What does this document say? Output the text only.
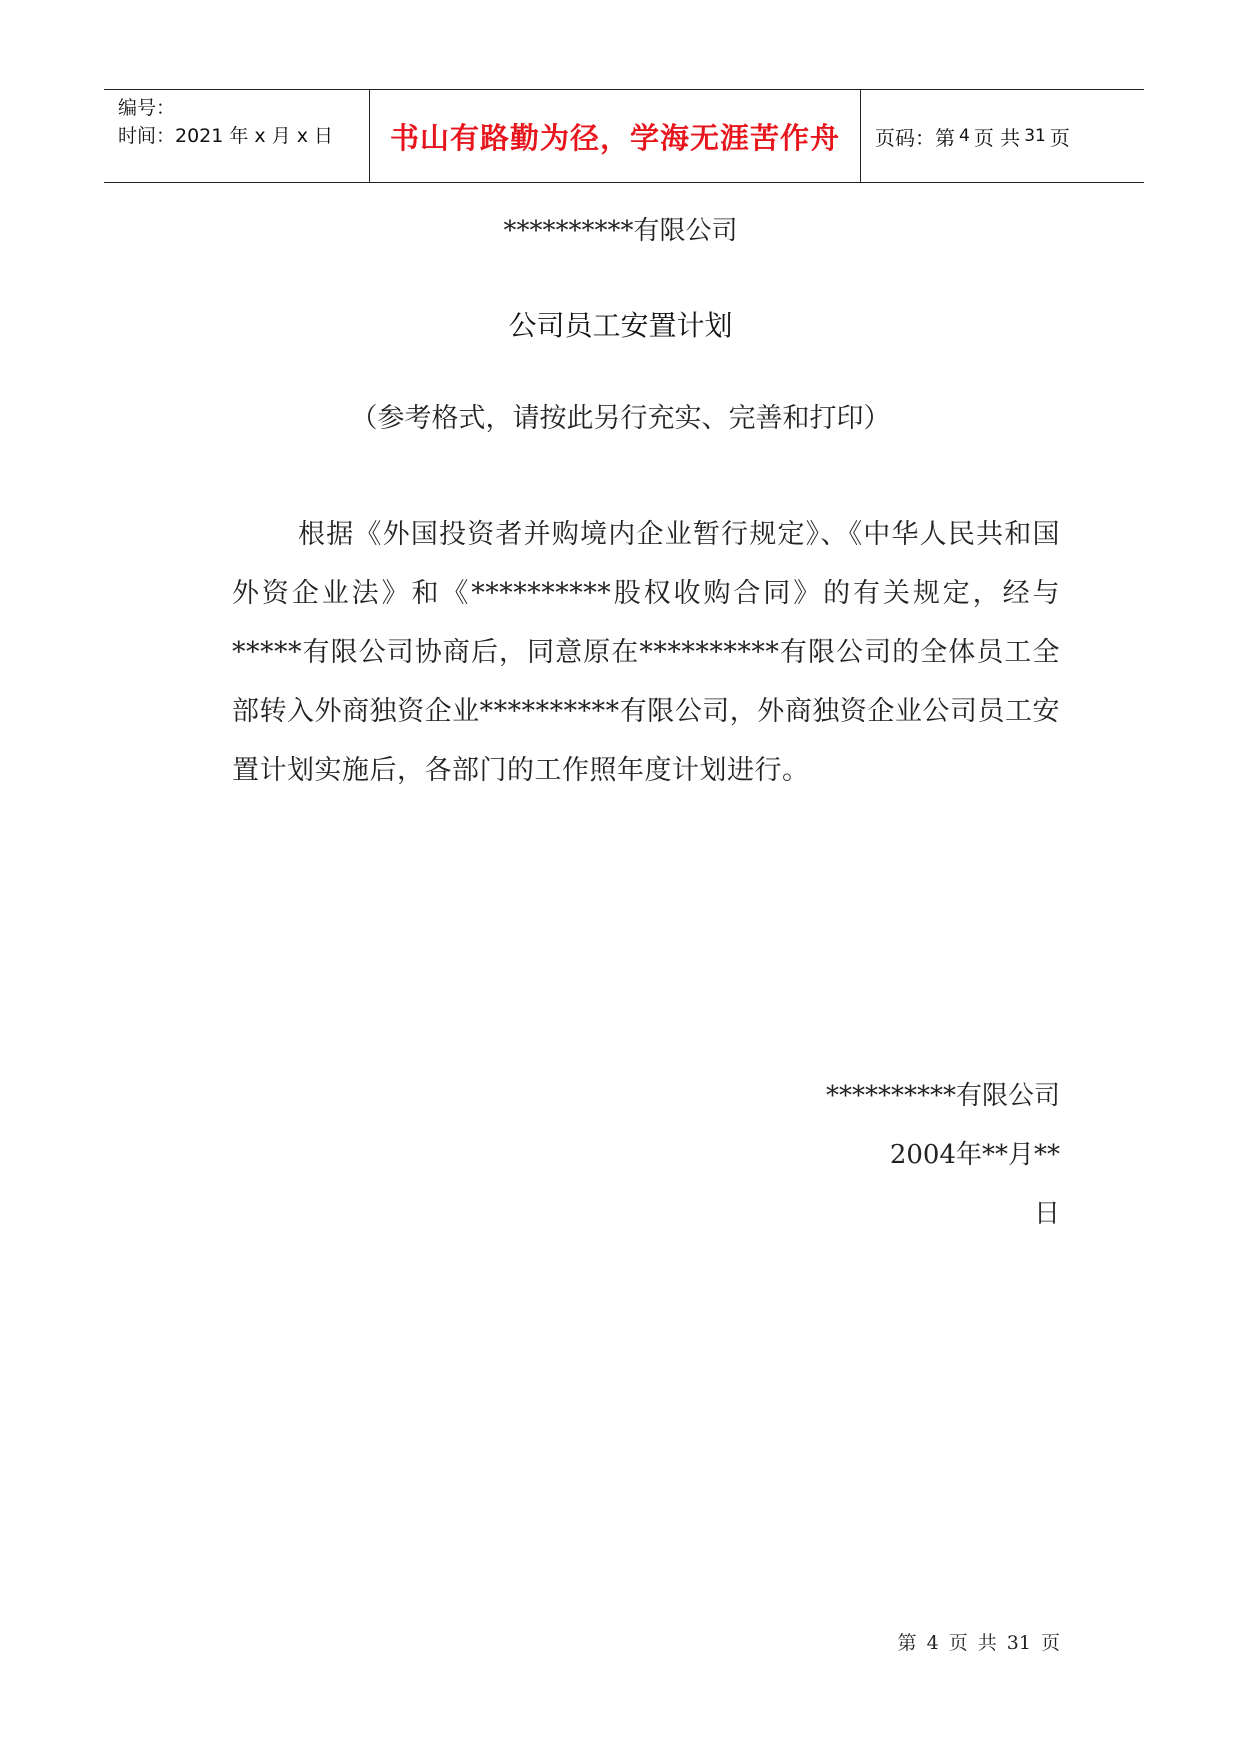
编号：
时间：2021 年 x 月 x 日	书山有路勤为径，学海无涯苦作舟 页码：第 4 页 共 31 页
**********有限公司
公司员工安置计划
（参考格式，请按此另行充实、完善和打印）
根据《外国投资者并购境内企业暂行规定》、《中华人民共和国外资企业法》和《**********股权收购合同》的有关规定，经与*****有限公司协商后，同意原在**********有限公司的全体员工全部转入外商独资企业**********有限公司，外商独资企业公司员工安置计划实施后，各部门的工作照年度计划进行。
**********有限公司
2004年**月**
日
第 4 页 共 31 页
